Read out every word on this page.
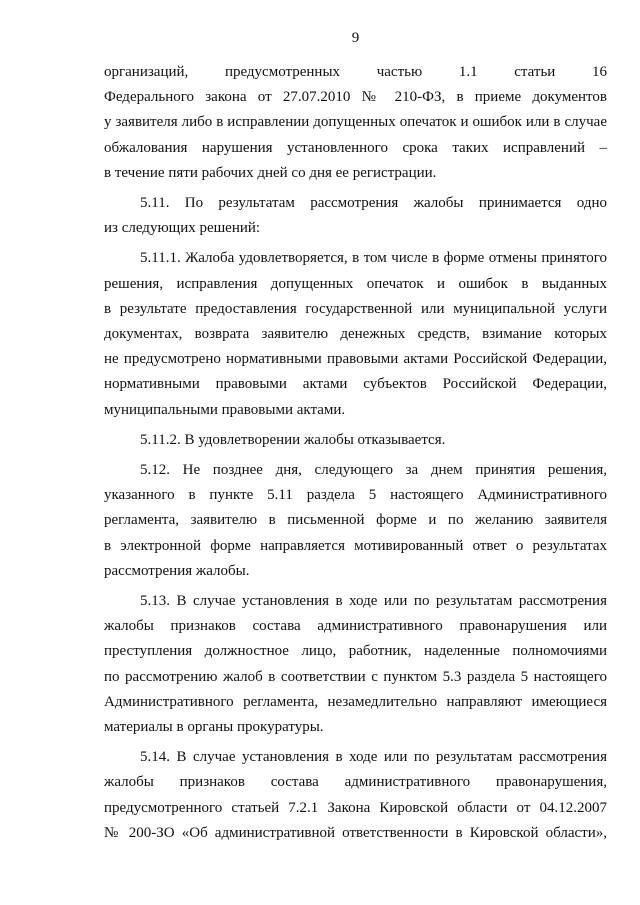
9
организаций, предусмотренных частью 1.1 статьи 16
Федерального закона от 27.07.2010 № 210-ФЗ, в приеме документов
у заявителя либо в исправлении допущенных опечаток и ошибок или в случае
обжалования нарушения установленного срока таких исправлений –
в течение пяти рабочих дней со дня ее регистрации.
5.11. По результатам рассмотрения жалобы принимается одно
из следующих решений:
5.11.1. Жалоба удовлетворяется, в том числе в форме отмены принятого
решения, исправления допущенных опечаток и ошибок в выданных
в результате предоставления государственной или муниципальной услуги
документах, возврата заявителю денежных средств, взимание которых
не предусмотрено нормативными правовыми актами Российской Федерации,
нормативными правовыми актами субъектов Российской Федерации,
муниципальными правовыми актами.
5.11.2. В удовлетворении жалобы отказывается.
5.12. Не позднее дня, следующего за днем принятия решения,
указанного в пункте 5.11 раздела 5 настоящего Административного
регламента, заявителю в письменной форме и по желанию заявителя
в электронной форме направляется мотивированный ответ о результатах
рассмотрения жалобы.
5.13. В случае установления в ходе или по результатам рассмотрения
жалобы признаков состава административного правонарушения или
преступления должностное лицо, работник, наделенные полномочиями
по рассмотрению жалоб в соответствии с пунктом 5.3 раздела 5 настоящего
Административного регламента, незамедлительно направляют имеющиеся
материалы в органы прокуратуры.
5.14. В случае установления в ходе или по результатам рассмотрения
жалобы признаков состава административного правонарушения,
предусмотренного статьей 7.2.1 Закона Кировской области от 04.12.2007
№ 200-ЗО «Об административной ответственности в Кировской области»,
